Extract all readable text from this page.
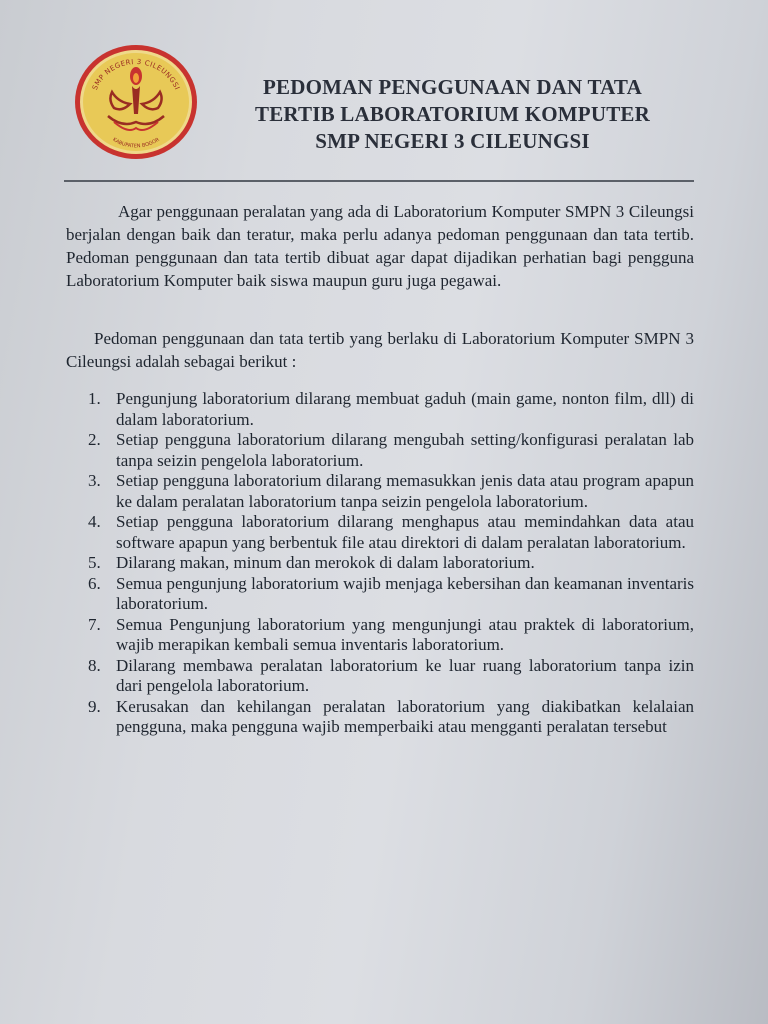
SMP NEGERI 3 CILEUNGSI
KABUPATEN BOGOR
PEDOMAN PENGGUNAAN DAN TATA
TERTIB LABORATORIUM KOMPUTER
SMP NEGERI 3 CILEUNGSI
Agar penggunaan peralatan yang ada di Laboratorium Komputer SMPN 3 Cileungsi berjalan dengan baik dan teratur, maka perlu adanya pedoman penggunaan dan tata tertib. Pedoman penggunaan dan tata tertib dibuat agar dapat dijadikan perhatian bagi pengguna Laboratorium Komputer baik siswa maupun guru juga pegawai.
Pedoman penggunaan dan tata tertib yang berlaku di Laboratorium Komputer SMPN 3 Cileungsi adalah sebagai berikut :
1. Pengunjung laboratorium dilarang membuat gaduh (main game, nonton film, dll) di dalam laboratorium.
2. Setiap pengguna laboratorium dilarang mengubah setting/konfigurasi peralatan lab tanpa seizin pengelola laboratorium.
3. Setiap pengguna laboratorium dilarang memasukkan jenis data atau program apapun ke dalam peralatan laboratorium tanpa seizin pengelola laboratorium.
4. Setiap pengguna laboratorium dilarang menghapus atau memindahkan data atau software apapun yang berbentuk file atau direktori di dalam peralatan laboratorium.
5. Dilarang makan, minum dan merokok di dalam laboratorium.
6. Semua pengunjung laboratorium wajib menjaga kebersihan dan keamanan inventaris laboratorium.
7. Semua Pengunjung laboratorium yang mengunjungi atau praktek di laboratorium, wajib merapikan kembali semua inventaris laboratorium.
8. Dilarang membawa peralatan laboratorium ke luar ruang laboratorium tanpa izin dari pengelola laboratorium.
9. Kerusakan dan kehilangan peralatan laboratorium yang diakibatkan kelalaian pengguna, maka pengguna wajib memperbaiki atau mengganti peralatan tersebut
